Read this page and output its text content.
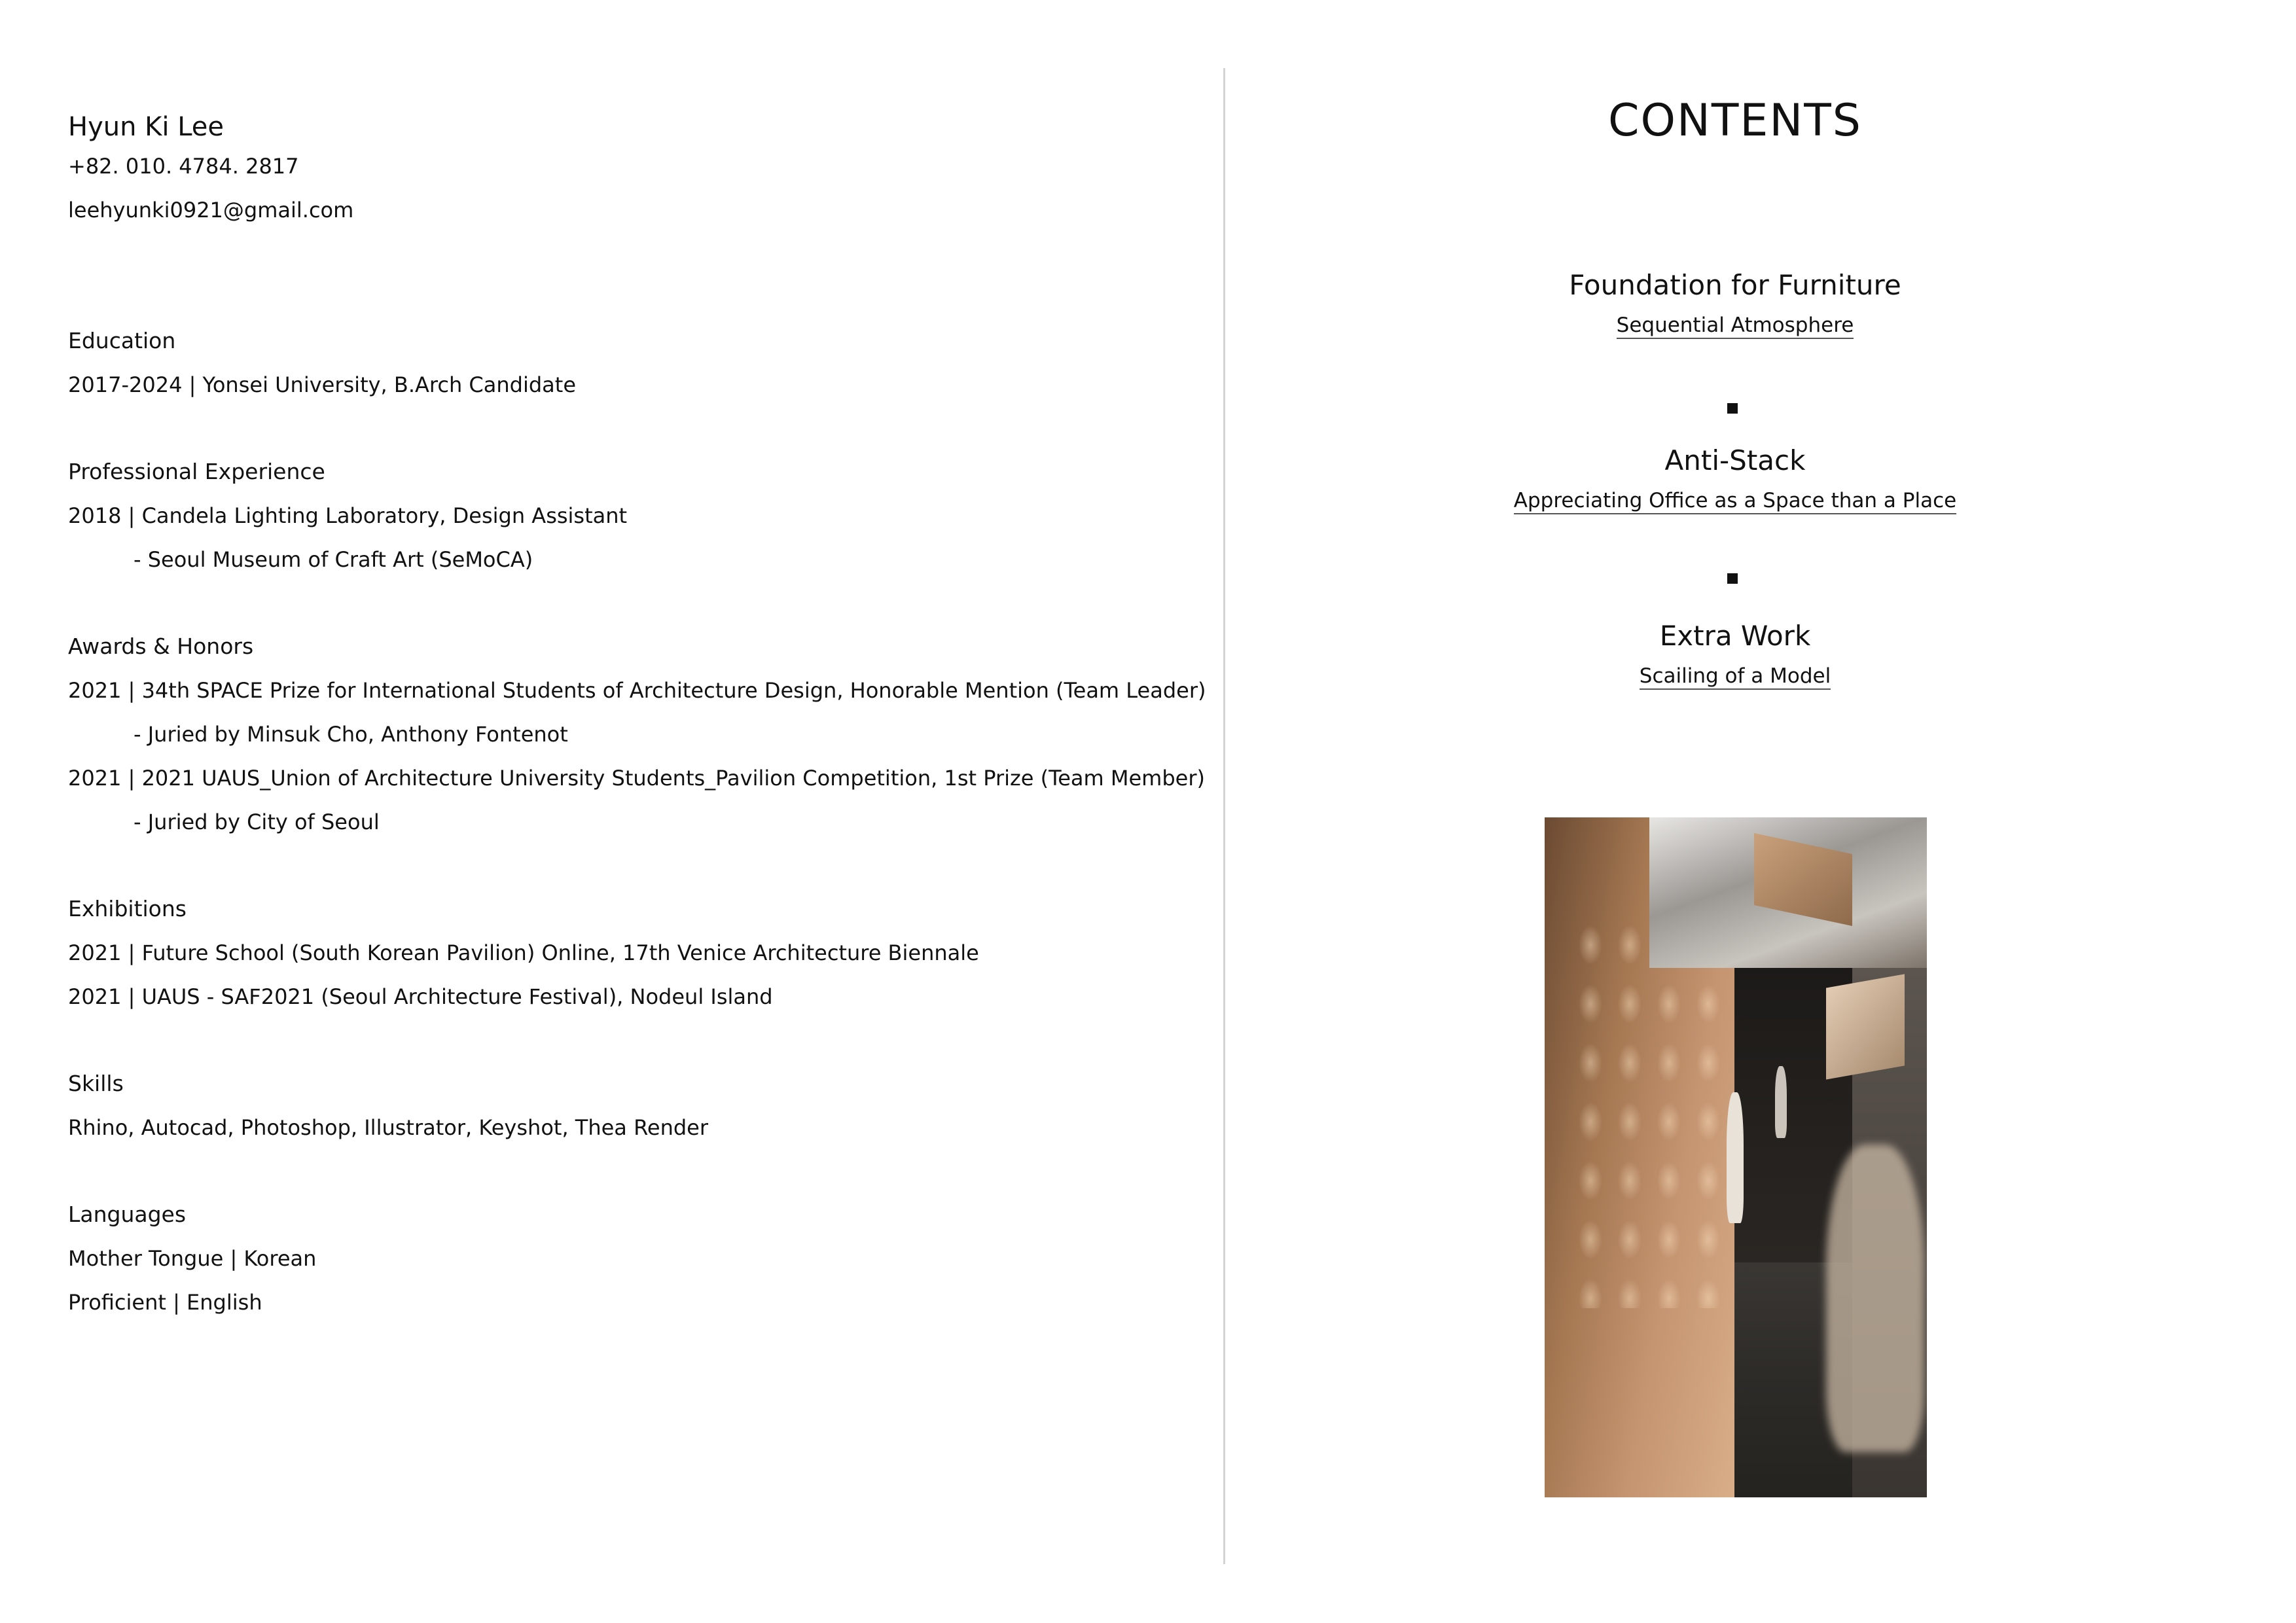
Hyun Ki Lee
+82. 010. 4784. 2817
leehyunki0921@gmail.com
Education
2017-2024 | Yonsei University, B.Arch Candidate
Professional Experience
2018 | Candela Lighting Laboratory, Design Assistant
- Seoul Museum of Craft Art (SeMoCA)
Awards & Honors
2021 | 34th SPACE Prize for International Students of Architecture Design, Honorable Mention (Team Leader)
- Juried by Minsuk Cho, Anthony Fontenot
2021 | 2021 UAUS_Union of Architecture University Students_Pavilion Competition, 1st Prize (Team Member)
- Juried by City of Seoul
Exhibitions
2021 | Future School (South Korean Pavilion) Online, 17th Venice Architecture Biennale
2021 | UAUS - SAF2021 (Seoul Architecture Festival), Nodeul Island
Skills
Rhino, Autocad, Photoshop, Illustrator, Keyshot, Thea Render
Languages
Mother Tongue | Korean
Proficient | English
CONTENTS
Foundation for Furniture
Sequential Atmosphere
Anti-Stack
Appreciating Office as a Space than a Place
Extra Work
Scailing of a Model
